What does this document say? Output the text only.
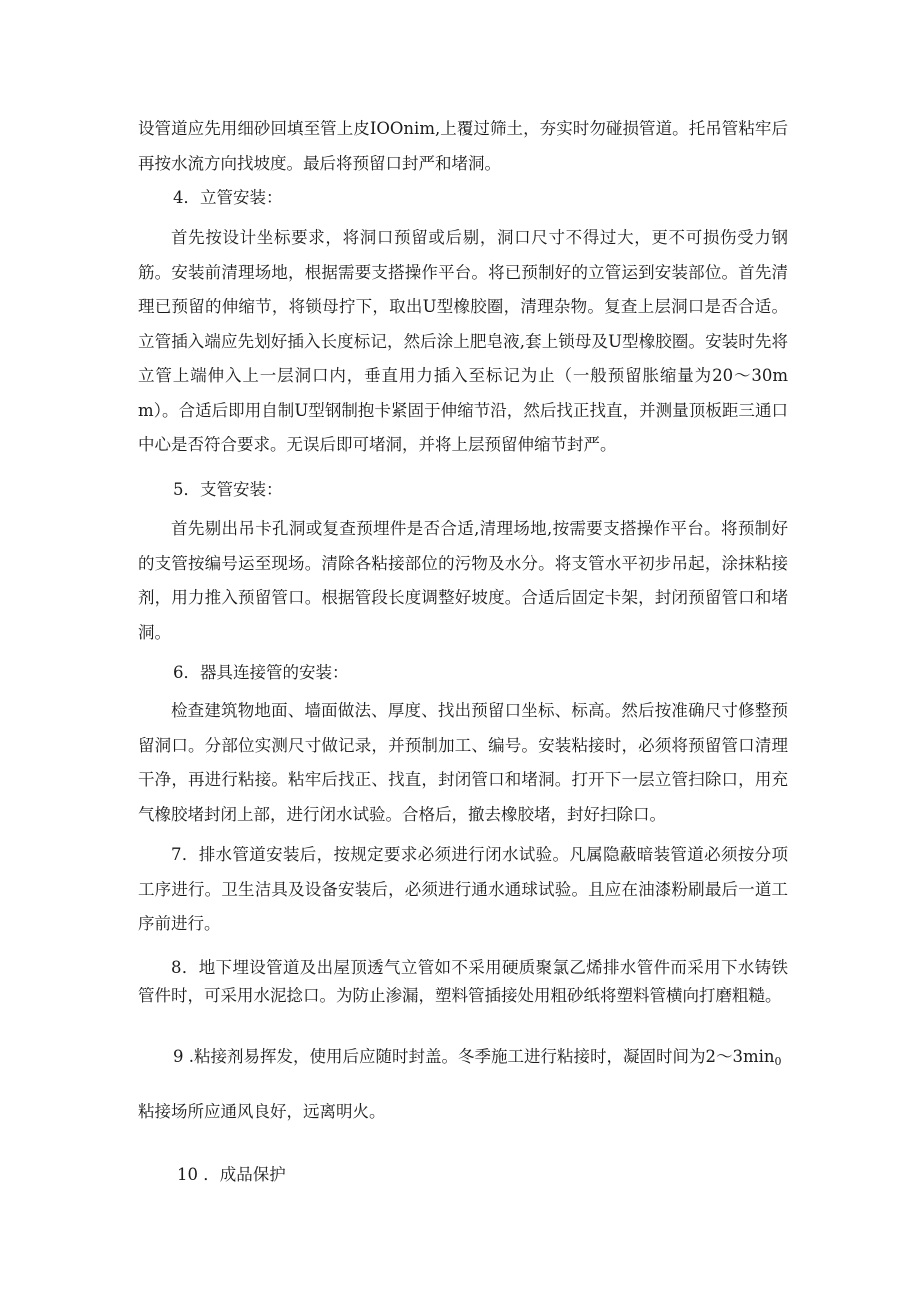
设管道应先用细砂回填至管上皮IOOnim,上覆过筛土，夯实时勿碰损管道。托吊管粘牢后再按水流方向找坡度。最后将预留口封严和堵洞。

4．立管安装：

首先按设计坐标要求，将洞口预留或后剔，洞口尺寸不得过大，更不可损伤受力钢筋。安装前清理场地，根据需要支搭操作平台。将已预制好的立管运到安装部位。首先清理已预留的伸缩节，将锁母拧下，取出U型橡胶圈，清理杂物。复查上层洞口是否合适。立管插入端应先划好插入长度标记，然后涂上肥皂液,套上锁母及U型橡胶圈。安装时先将立管上端伸入上一层洞口内，垂直用力插入至标记为止（一般预留胀缩量为20～30mm）。合适后即用自制U型钢制抱卡紧固于伸缩节沿，然后找正找直，并测量顶板距三通口中心是否符合要求。无误后即可堵洞，并将上层预留伸缩节封严。

5．支管安装：

首先剔出吊卡孔洞或复查预埋件是否合适,清理场地,按需要支搭操作平台。将预制好的支管按编号运至现场。清除各粘接部位的污物及水分。将支管水平初步吊起，涂抹粘接剂，用力推入预留管口。根据管段长度调整好坡度。合适后固定卡架，封闭预留管口和堵洞。

6．器具连接管的安装：

检查建筑物地面、墙面做法、厚度、找出预留口坐标、标高。然后按准确尺寸修整预留洞口。分部位实测尺寸做记录，并预制加工、编号。安装粘接时，必须将预留管口清理干净，再进行粘接。粘牢后找正、找直，封闭管口和堵洞。打开下一层立管扫除口，用充气橡胶堵封闭上部，进行闭水试验。合格后，撤去橡胶堵，封好扫除口。

7．排水管道安装后，按规定要求必须进行闭水试验。凡属隐蔽暗装管道必须按分项工序进行。卫生洁具及设备安装后，必须进行通水通球试验。且应在油漆粉刷最后一道工序前进行。

8．地下埋设管道及出屋顶透气立管如不采用硬质聚氯乙烯排水管件而采用下水铸铁管件时，可采用水泥捻口。为防止渗漏，塑料管插接处用粗砂纸将塑料管横向打磨粗糙。

9 .粘接剂易挥发，使用后应随时封盖。冬季施工进行粘接时，凝固时间为$2\sim 3\min_0$

粘接场所应通风良好，远离明火。

10 ．成品保护
